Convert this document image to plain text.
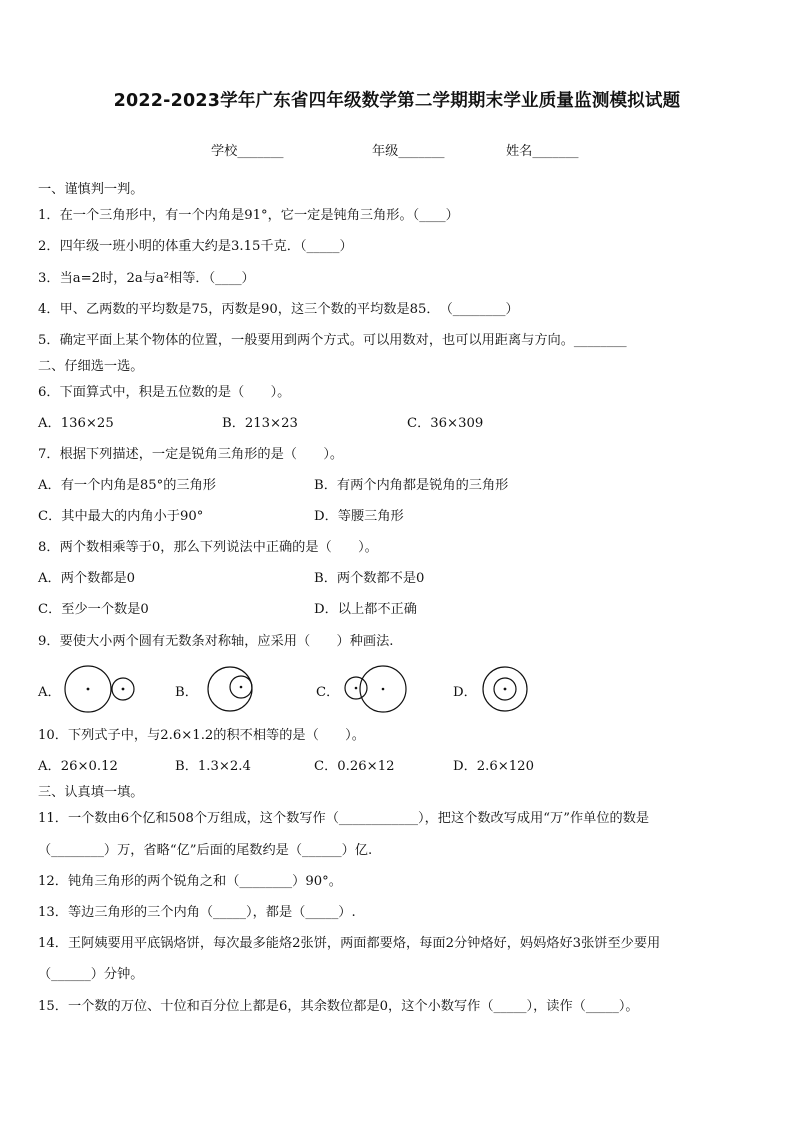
2022-2023学年广东省四年级数学第二学期期末学业质量监测模拟试题
学校_______	年级_______	姓名_______
一、谨慎判一判。
1．在一个三角形中，有一个内角是91°，它一定是钝角三角形。（____）
2．四年级一班小明的体重大约是3.15千克．（_____）
3．当a=2时，2a与a²相等．（____）
4．甲、乙两数的平均数是75，丙数是90，这三个数的平均数是85．　（________）
5．确定平面上某个物体的位置，一般要用到两个方式。可以用数对，也可以用距离与方向。________
二、仔细选一选。
6．下面算式中，积是五位数的是（　　）。
A．136×25	B．213×23	C．36×309
7．根据下列描述，一定是锐角三角形的是（　　）。
A．有一个内角是85°的三角形	B．有两个内角都是锐角的三角形
C．其中最大的内角小于90°	D．等腰三角形
8．两个数相乘等于0，那么下列说法中正确的是（　　）。
A．两个数都是0	B．两个数都不是0
C．至少一个数是0	D．以上都不正确
9．要使大小两个圆有无数条对称轴，应采用（　　）种画法.
A．	B．	C．	D．
10．下列式子中，与2.6×1.2的积不相等的是（　　）。
A．26×0.12	B．1.3×2.4	C．0.26×12	D．2.6×120
三、认真填一填。
11．一个数由6个亿和508个万组成，这个数写作（____________），把这个数改写成用“万”作单位的数是
（________）万，省略“亿”后面的尾数约是（______）亿.
12．钝角三角形的两个锐角之和（________）90°。
13．等边三角形的三个内角（_____），都是（_____）.
14．王阿姨要用平底锅烙饼，每次最多能烙2张饼，两面都要烙，每面2分钟烙好，妈妈烙好3张饼至少要用
（______）分钟。
15．一个数的万位、十位和百分位上都是6，其余数位都是0，这个小数写作（_____），读作（_____）。
